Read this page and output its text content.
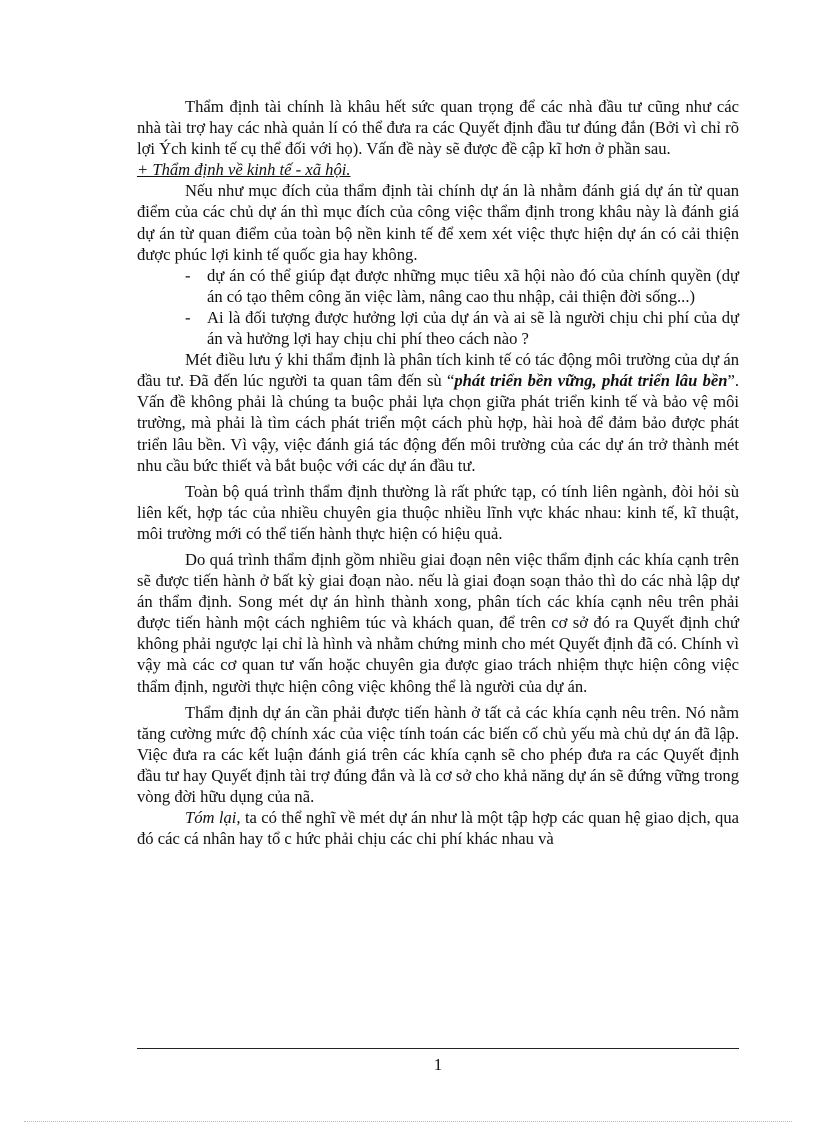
Thẩm định tài chính là khâu hết sức quan trọng để các nhà đầu tư cũng như các nhà tài trợ hay các nhà quản lí có thể đưa ra các Quyết định đầu tư đúng đắn (Bởi vì chỉ rõ lợi Ých kinh tế cụ thể đối với họ). Vấn đề này sẽ được đề cập kĩ hơn ở phần sau.

+ Thẩm định về kinh tế - xã hội.

Nếu như mục đích của thẩm định tài chính dự án là nhằm đánh giá dự án từ quan điểm của các chủ dự án thì mục đích của công việc thẩm định trong khâu này là đánh giá dự án từ quan điểm của toàn bộ nền kinh tế để xem xét việc thực hiện dự án có cải thiện được phúc lợi kinh tế quốc gia hay không.

- dự án có thể giúp đạt được những mục tiêu xã hội nào đó của chính quyền (dự án có tạo thêm công ăn việc làm, nâng cao thu nhập, cải thiện đời sống...)
- Ai là đối tượng được hưởng lợi của dự án và ai sẽ là người chịu chi phí của dự án và hưởng lợi hay chịu chi phí theo cách nào ?

Mét điều lưu ý khi thẩm định là phân tích kinh tế có tác động môi trường của dự án đầu tư. Đã đến lúc người ta quan tâm đến sù “phát triển bền vững, phát triển lâu bền”. Vấn đề không phải là chúng ta buộc phải lựa chọn giữa phát triển kinh tế và bảo vệ môi trường, mà phải là tìm cách phát triển một cách phù hợp, hài hoà để đảm bảo được phát triển lâu bền. Vì vậy, việc đánh giá tác động đến môi trường của các dự án trở thành mét nhu cầu bức thiết và bắt buộc với các dự án đầu tư.

Toàn bộ quá trình thẩm định thường là rất phức tạp, có tính liên ngành, đòi hỏi sù liên kết, hợp tác của nhiều chuyên gia thuộc nhiều lĩnh vực khác nhau: kinh tế, kĩ thuật, môi trường mới có thể tiến hành thực hiện có hiệu quả.

Do quá trình thẩm định gồm nhiều giai đoạn nên việc thẩm định các khía cạnh trên sẽ được tiến hành ở bất kỳ giai đoạn nào. nếu là giai đoạn soạn thảo thì do các nhà lập dự án thẩm định. Song mét dự án hình thành xong, phân tích các khía cạnh nêu trên phải được tiến hành một cách nghiêm túc và khách quan, để trên cơ sở đó ra Quyết định chứ không phải ngược lại chỉ là hình và nhằm chứng minh cho mét Quyết định đã có. Chính vì vậy mà các cơ quan tư vấn hoặc chuyên gia được giao trách nhiệm thực hiện công việc thẩm định, người thực hiện công việc không thể là người của dự án.

Thẩm định dự án cần phải được tiến hành ở tất cả các khía cạnh nêu trên. Nó nằm tăng cường mức độ chính xác của việc tính toán các biến cố chủ yếu mà chủ dự án đã lập. Việc đưa ra các kết luận đánh giá trên các khía cạnh sẽ cho phép đưa ra các Quyết định đầu tư hay Quyết định tài trợ đúng đắn và là cơ sở cho khả năng dự án sẽ đứng vững trong vòng đời hữu dụng của nã.

Tóm lại, ta có thể nghĩ về mét dự án như là một tập hợp các quan hệ giao dịch, qua đó các cá nhân hay tổ c hức phải chịu các chi phí khác nhau và

1
